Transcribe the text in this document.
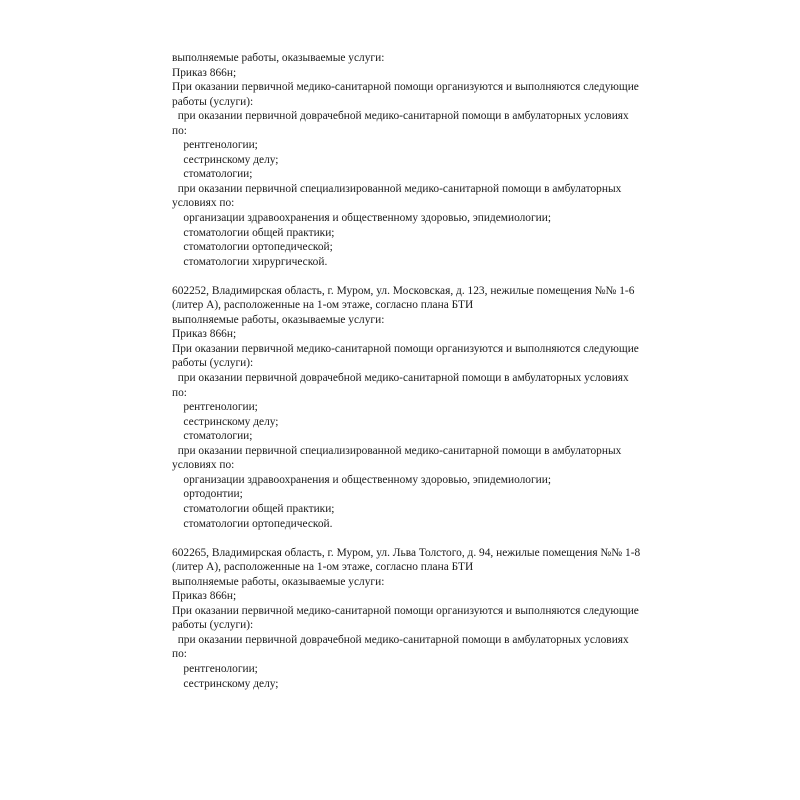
выполняемые работы, оказываемые услуги:
Приказ 866н;
При оказании первичной медико-санитарной помощи организуются и выполняются следующие
работы (услуги):
при оказании первичной доврачебной медико-санитарной помощи в амбулаторных условиях
по:
рентгенологии;
сестринскому делу;
стоматологии;
при оказании первичной специализированной медико-санитарной помощи в амбулаторных
условиях по:
организации здравоохранения и общественному здоровью, эпидемиологии;
стоматологии общей практики;
стоматологии ортопедической;
стоматологии хирургической.
602252, Владимирская область, г. Муром, ул. Московская, д. 123, нежилые помещения №№ 1-6
(литер А), расположенные на 1-ом этаже, согласно плана БТИ
выполняемые работы, оказываемые услуги:
Приказ 866н;
При оказании первичной медико-санитарной помощи организуются и выполняются следующие
работы (услуги):
при оказании первичной доврачебной медико-санитарной помощи в амбулаторных условиях
по:
рентгенологии;
сестринскому делу;
стоматологии;
при оказании первичной специализированной медико-санитарной помощи в амбулаторных
условиях по:
организации здравоохранения и общественному здоровью, эпидемиологии;
ортодонтии;
стоматологии общей практики;
стоматологии ортопедической.
602265, Владимирская область, г. Муром, ул. Льва Толстого, д. 94, нежилые помещения №№ 1-8
(литер А), расположенные на 1-ом этаже, согласно плана БТИ
выполняемые работы, оказываемые услуги:
Приказ 866н;
При оказании первичной медико-санитарной помощи организуются и выполняются следующие
работы (услуги):
при оказании первичной доврачебной медико-санитарной помощи в амбулаторных условиях
по:
рентгенологии;
сестринскому делу;
